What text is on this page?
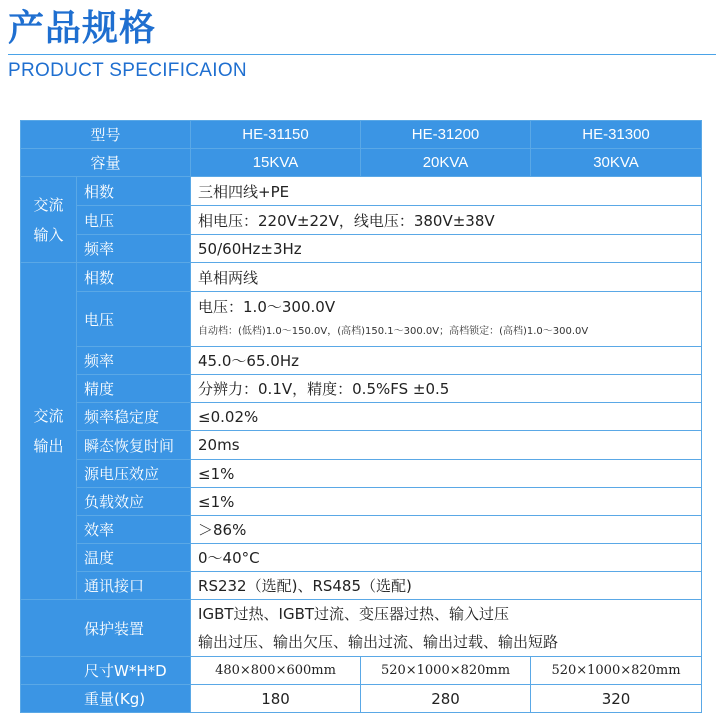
产品规格
PRODUCT SPECIFICAION
型号		HE-31150	HE-31200	HE-31300
容量		15KVA	20KVA	30KVA

交流
输入	相数	三相四线+PE		
	电压	相电压：220V±22V，线电压：380V±38V		
	频率	50/60Hz±3Hz		

交流
输出	相数	单相两线		
	电压	电压：1.0～300.0V
自动档：(低档)1.0～150.0V，(高档)150.1～300.0V；高档锁定：(高档)1.0～300.0V		

	频率	45.0～65.0Hz		
	精度	分辨力：0.1V，精度：0.5%FS ±0.5		
	频率稳定度	≤0.02%		
	瞬态恢复时间	20ms		
	源电压效应	≤1%		
	负载效应	≤1%		
	效率	＞86%		
	温度	0～40°C		
	通讯接口	RS232（选配)、RS485（选配)		
保护装置		IGBT过热、IGBT过流、变压器过热、输入过压
输出过压、输出欠压、输出过流、输出过载、输出短路		

尺寸W*H*D		480×800×600mm	520×1000×820mm	520×1000×820mm
重量(Kg)		180	280	320
